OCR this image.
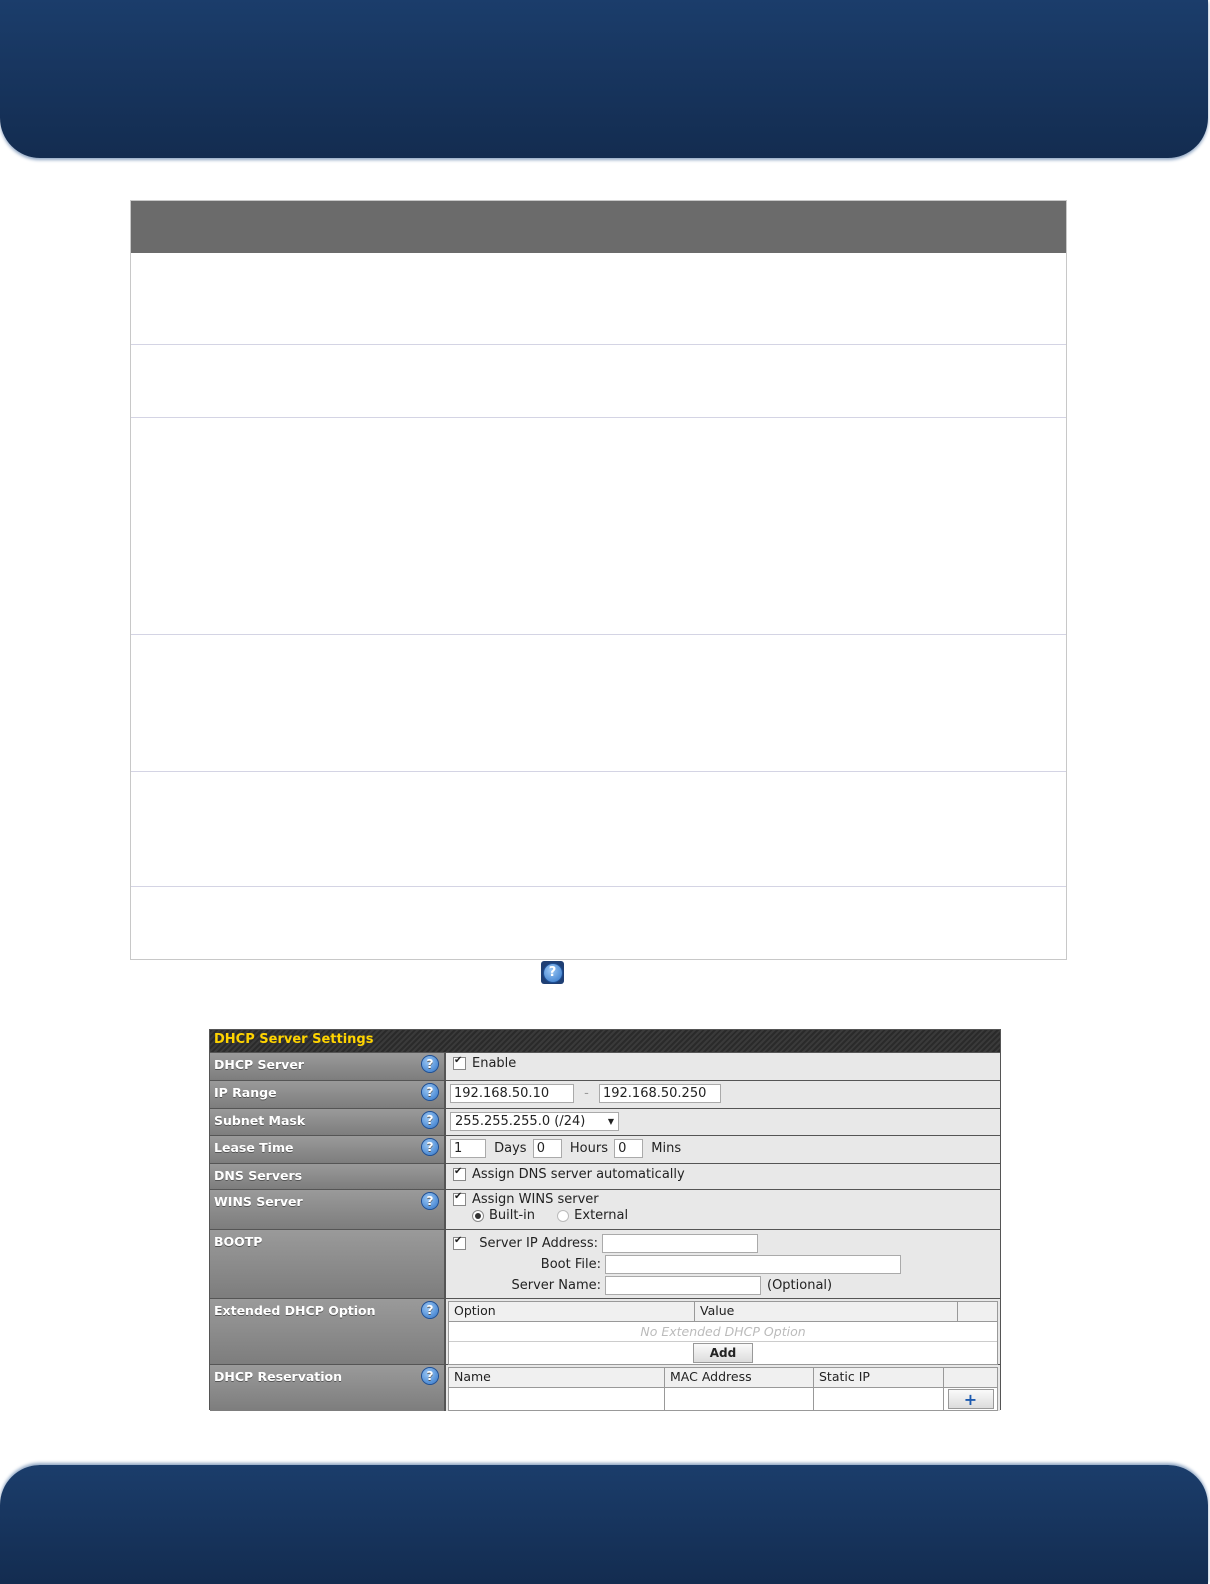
?
DHCP Server Settings
DHCP Server	? ✔	Enable
IP Range	?	192.168.50.10	- 192.168.50.250
Subnet Mask	?	255.255.255.0 (/24)	▼
Lease Time	?	1 Days 0 Hours 0 Mins
DNS Servers ✔	Assign DNS server automatically
WINS Server	? ✔	Assign WINS server
Built-in	External
BOOTP ✔	Server IP Address:
Boot File:
Server Name:	(Optional)
Extended DHCP Option	?	Option	Value
No Extended DHCP Option
Add
DHCP Reservation	?	Name	MAC Address	Static IP
+
